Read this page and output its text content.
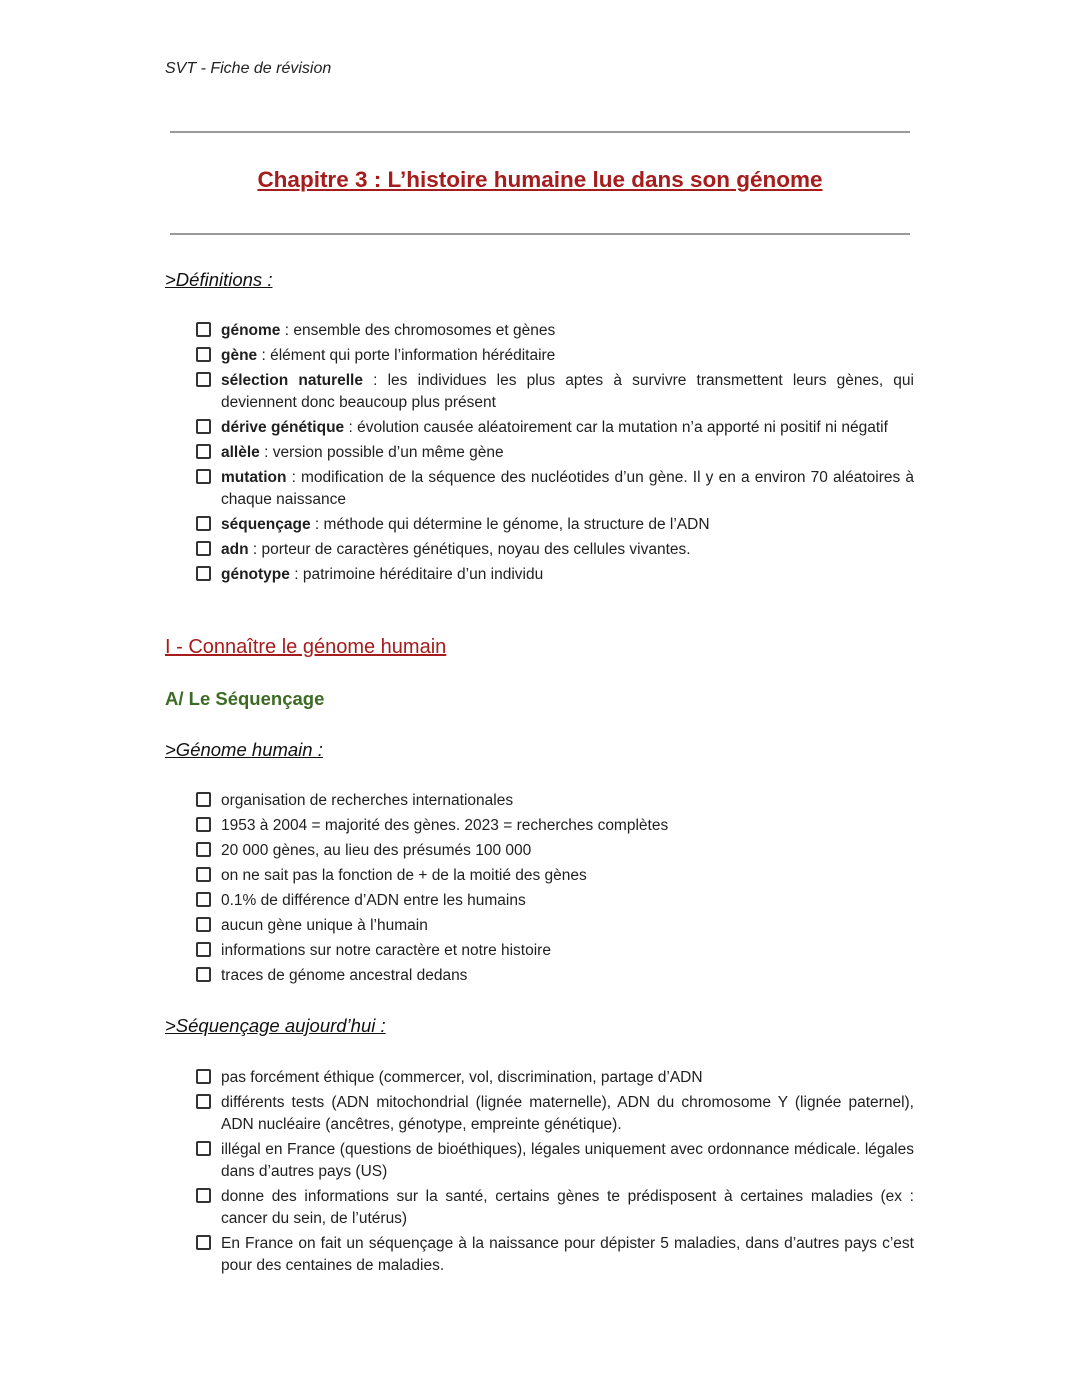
SVT - Fiche de révision
Chapitre 3 : L’histoire humaine lue dans son génome
>Définitions :
génome : ensemble des chromosomes et gènes
gène : élément qui porte l’information héréditaire
sélection naturelle : les individues les plus aptes à survivre transmettent leurs gènes, qui deviennent donc beaucoup plus présent
dérive génétique : évolution causée aléatoirement car la mutation n’a apporté ni positif ni négatif
allèle : version possible d’un même gène
mutation : modification de la séquence des nucléotides d’un gène. Il y en a environ 70 aléatoires à chaque naissance
séquençage : méthode qui détermine le génome, la structure de l’ADN
adn : porteur de caractères génétiques, noyau des cellules vivantes.
génotype : patrimoine héréditaire d’un individu
I - Connaître le génome humain
A/ Le Séquençage
>Génome humain :
organisation de recherches internationales
1953 à 2004 = majorité des gènes. 2023 = recherches complètes
20 000 gènes, au lieu des présumés 100 000
on ne sait pas la fonction de + de la moitié des gènes
0.1% de différence d’ADN entre les humains
aucun gène unique à l’humain
informations sur notre caractère et notre histoire
traces de génome ancestral dedans
>Séquençage aujourd’hui :
pas forcément éthique (commercer, vol, discrimination, partage d’ADN
différents tests (ADN mitochondrial (lignée maternelle), ADN du chromosome Y (lignée paternel), ADN nucléaire (ancêtres, génotype, empreinte génétique).
illégal en France (questions de bioéthiques), légales uniquement avec ordonnance médicale. légales dans d’autres pays (US)
donne des informations sur la santé, certains gènes te prédisposent à certaines maladies (ex : cancer du sein, de l’utérus)
En France on fait un séquençage à la naissance pour dépister 5 maladies, dans d’autres pays c’est pour des centaines de maladies.
